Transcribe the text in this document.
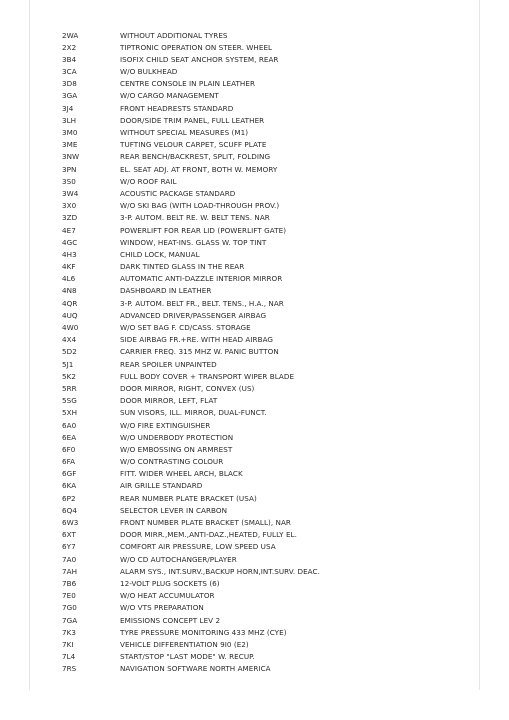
2WA	WITHOUT ADDITIONAL TYRES
2X2	TIPTRONIC OPERATION ON STEER. WHEEL
3B4	ISOFIX CHILD SEAT ANCHOR SYSTEM, REAR
3CA	W/O BULKHEAD
3D8	CENTRE CONSOLE IN PLAIN LEATHER
3GA	W/O CARGO MANAGEMENT
3J4	FRONT HEADRESTS STANDARD
3LH	DOOR/SIDE TRIM PANEL, FULL LEATHER
3M0	WITHOUT SPECIAL MEASURES (M1)
3ME	TUFTING VELOUR CARPET, SCUFF PLATE
3NW	REAR BENCH/BACKREST, SPLIT, FOLDING
3PN	EL. SEAT ADJ. AT FRONT, BOTH W. MEMORY
3S0	W/O ROOF RAIL
3W4	ACOUSTIC PACKAGE STANDARD
3X0	W/O SKI BAG (WITH LOAD-THROUGH PROV.)
3ZD	3-P. AUTOM. BELT RE. W. BELT TENS. NAR
4E7	POWERLIFT FOR REAR LID (POWERLIFT GATE)
4GC	WINDOW, HEAT-INS. GLASS W. TOP TINT
4H3	CHILD LOCK, MANUAL
4KF	DARK TINTED GLASS IN THE REAR
4L6	AUTOMATIC ANTI-DAZZLE INTERIOR MIRROR
4N8	DASHBOARD IN LEATHER
4QR	3-P. AUTOM. BELT FR., BELT. TENS., H.A., NAR
4UQ	ADVANCED DRIVER/PASSENGER AIRBAG
4W0	W/O SET BAG F. CD/CASS. STORAGE
4X4	SIDE AIRBAG FR.+RE. WITH HEAD AIRBAG
5D2	CARRIER FREQ. 315 MHZ W. PANIC BUTTON
5J1	REAR SPOILER UNPAINTED
5K2	FULL BODY COVER + TRANSPORT WIPER BLADE
5RR	DOOR MIRROR, RIGHT, CONVEX (US)
5SG	DOOR MIRROR, LEFT, FLAT
5XH	SUN VISORS, ILL. MIRROR, DUAL-FUNCT.
6A0	W/O FIRE EXTINGUISHER
6EA	W/O UNDERBODY PROTECTION
6F0	W/O EMBOSSING ON ARMREST
6FA	W/O CONTRASTING COLOUR
6GF	FITT. WIDER WHEEL ARCH, BLACK
6KA	AIR GRILLE STANDARD
6P2	REAR NUMBER PLATE BRACKET (USA)
6Q4	SELECTOR LEVER IN CARBON
6W3	FRONT NUMBER PLATE BRACKET (SMALL), NAR
6XT	DOOR MIRR.,MEM.,ANTI-DAZ.,HEATED, FULLY EL.
6Y7	COMFORT AIR PRESSURE, LOW SPEED USA
7A0	W/O CD AUTOCHANGER/PLAYER
7AH	ALARM SYS., INT.SURV.,BACKUP HORN,INT.SURV. DEAC.
7B6	12-VOLT PLUG SOCKETS (6)
7E0	W/O HEAT ACCUMULATOR
7G0	W/O VTS PREPARATION
7GA	EMISSIONS CONCEPT LEV 2
7K3	TYRE PRESSURE MONITORING 433 MHZ (CYE)
7KI	VEHICLE DIFFERENTIATION 9I0 (E2)
7L4	START/STOP "LAST MODE" W. RECUP.
7RS	NAVIGATION SOFTWARE NORTH AMERICA
